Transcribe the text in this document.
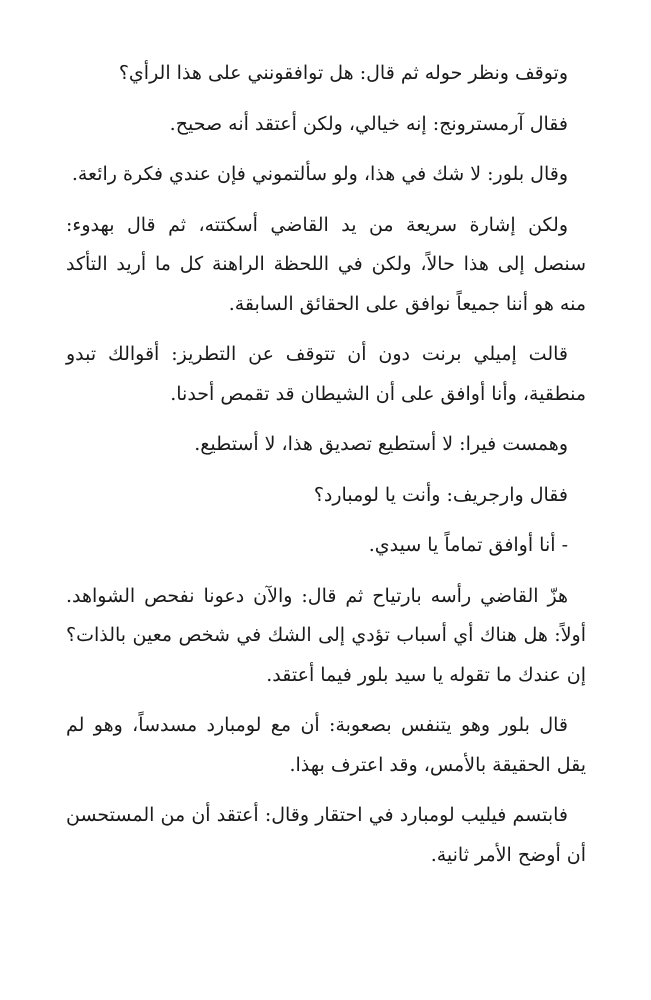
وتوقف ونظر حوله ثم قال: هل توافقونني على هذا الرأي؟

فقال آرمسترونج: إنه خيالي، ولكن أعتقد أنه صحيح.

وقال بلور: لا شك في هذا، ولو سألتموني فإن عندي فكرة رائعة.

ولكن إشارة سريعة من يد القاضي أسكتته، ثم قال بهدوء: سنصل إلى هذا حالاً، ولكن في اللحظة الراهنة كل ما أريد التأكد منه هو أننا جميعاً نوافق على الحقائق السابقة.

قالت إميلي برنت دون أن تتوقف عن التطريز: أقوالك تبدو منطقية، وأنا أوافق على أن الشيطان قد تقمص أحدنا.

وهمست فيرا: لا أستطيع تصديق هذا، لا أستطيع.

فقال وارجريف: وأنت يا لومبارد؟

- أنا أوافق تماماً يا سيدي.

هزّ القاضي رأسه بارتياح ثم قال: والآن دعونا نفحص الشواهد. أولاً: هل هناك أي أسباب تؤدي إلى الشك في شخص معين بالذات؟ إن عندك ما تقوله يا سيد بلور فيما أعتقد.

قال بلور وهو يتنفس بصعوبة: أن مع لومبارد مسدساً، وهو لم يقل الحقيقة بالأمس، وقد اعترف بهذا.

فابتسم فيليب لومبارد في احتقار وقال: أعتقد أن من المستحسن أن أوضح الأمر ثانية.
